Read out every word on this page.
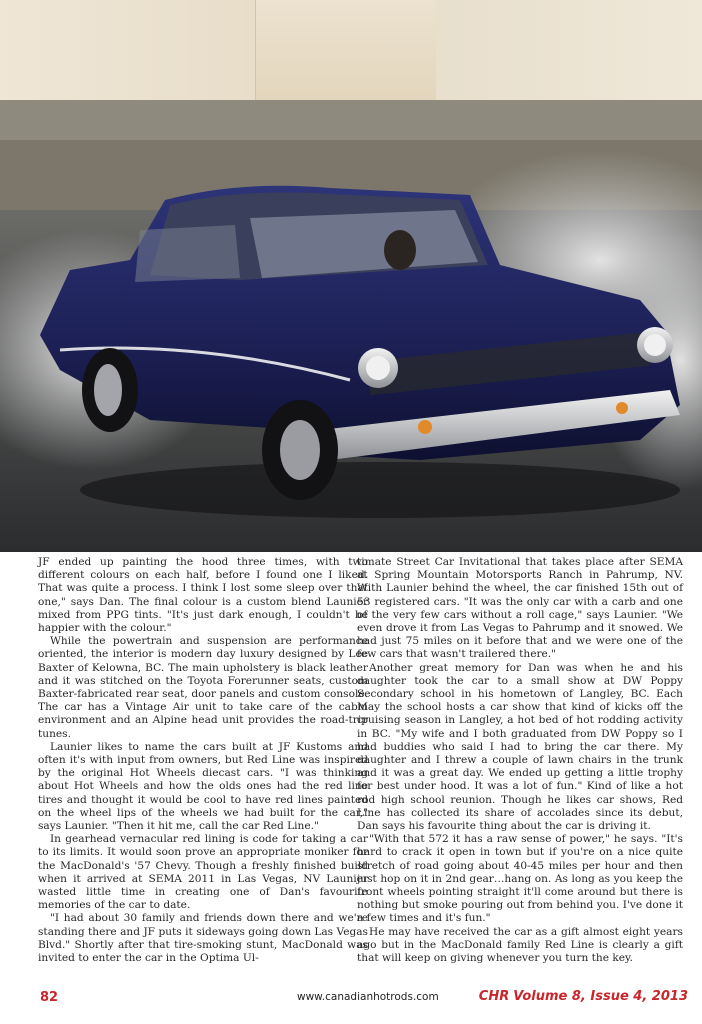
JF ended up painting the hood three times, with two different colours on each half, before I found one I liked. That was quite a process. I think I lost some sleep over that one," says Dan. The final colour is a custom blend Launier mixed from PPG tints. "It's just dark enough, I couldn't be happier with the colour."

While the powertrain and suspension are performance oriented, the interior is modern day luxury designed by Lee Baxter of Kelowna, BC. The main upholstery is black leather and it was stitched on the Toyota Forerunner seats, custom Baxter-fabricated rear seat, door panels and custom console. The car has a Vintage Air unit to take care of the cabin environment and an Alpine head unit provides the road-trip tunes.

Launier likes to name the cars built at JF Kustoms and often it's with input from owners, but Red Line was inspired by the original Hot Wheels diecast cars. "I was thinking about Hot Wheels and how the olds ones had the red line tires and thought it would be cool to have red lines painted on the wheel lips of the wheels we had built for the car," says Launier. "Then it hit me, call the car Red Line."

In gearhead vernacular red lining is code for taking a car to its limits. It would soon prove an appropriate moniker for the MacDonald's '57 Chevy. Though a freshly finished build when it arrived at SEMA 2011 in Las Vegas, NV Launier wasted little time in creating one of Dan's favourite memories of the car to date.

"I had about 30 family and friends down there and we're standing there and JF puts it sideways going down Las Vegas Blvd." Shortly after that tire-smoking stunt, MacDonald was invited to enter the car in the Optima Ul-

timate Street Car Invitational that takes place after SEMA at Spring Mountain Motorsports Ranch in Pahrump, NV. With Launier behind the wheel, the car finished 15th out of 53 registered cars. "It was the only car with a carb and one of the very few cars without a roll cage," says Launier. "We even drove it from Las Vegas to Pahrump and it snowed. We had just 75 miles on it before that and we were one of the few cars that wasn't trailered there."

Another great memory for Dan was when he and his daughter took the car to a small show at DW Poppy Secondary school in his hometown of Langley, BC. Each May the school hosts a car show that kind of kicks off the cruising season in Langley, a hot bed of hot rodding activity in BC. "My wife and I both graduated from DW Poppy so I had buddies who said I had to bring the car there. My daughter and I threw a couple of lawn chairs in the trunk and it was a great day. We ended up getting a little trophy for best under hood. It was a lot of fun." Kind of like a hot rod high school reunion. Though he likes car shows, Red Line has collected its share of accolades since its debut, Dan says his favourite thing about the car is driving it.

"With that 572 it has a raw sense of power," he says. "It's hard to crack it open in town but if you're on a nice quite stretch of road going about 40-45 miles per hour and then just hop on it in 2nd gear…hang on. As long as you keep the front wheels pointing straight it'll come around but there is nothing but smoke pouring out from behind you. I've done it a few times and it's fun."

He may have received the car as a gift almost eight years ago but in the MacDonald family Red Line is clearly a gift that will keep on giving whenever you turn the key.

82	www.canadianhotrods.com	CHR Volume 8, Issue 4, 2013
